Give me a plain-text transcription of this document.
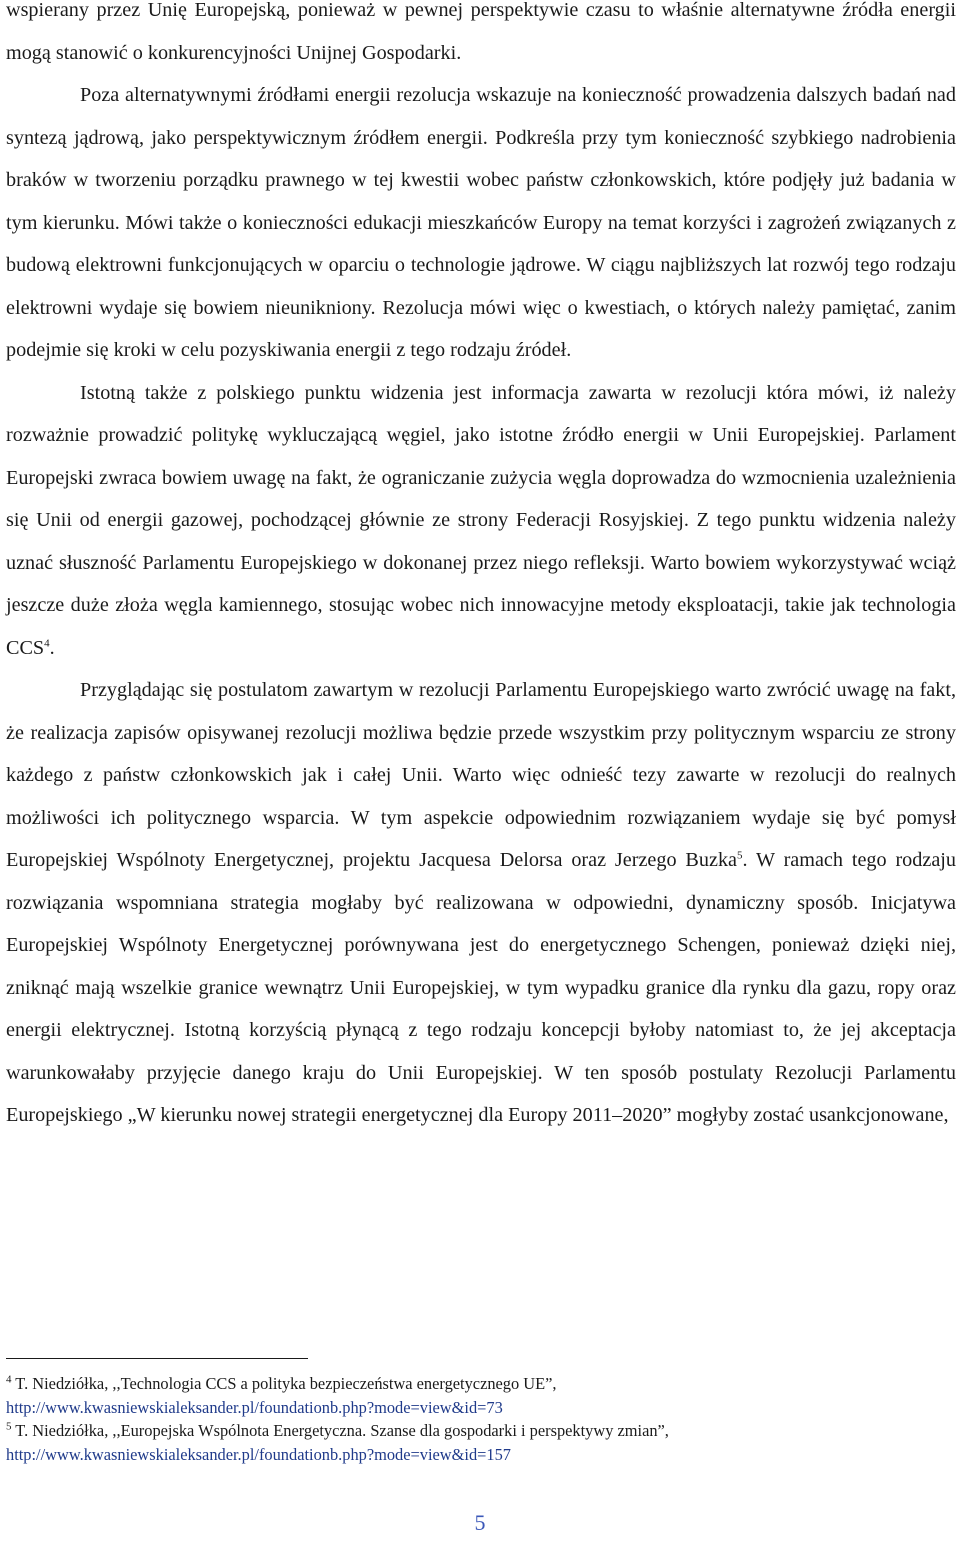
wspierany przez Unię Europejską, ponieważ w pewnej perspektywie czasu to właśnie alternatywne źródła energii mogą stanowić o konkurencyjności Unijnej Gospodarki.

Poza alternatywnymi źródłami energii rezolucja wskazuje na konieczność prowadzenia dalszych badań nad syntezą jądrową, jako perspektywicznym źródłem energii. Podkreśla przy tym konieczność szybkiego nadrobienia braków w tworzeniu porządku prawnego w tej kwestii wobec państw członkowskich, które podjęły już badania w tym kierunku. Mówi także o konieczności edukacji mieszkańców Europy na temat korzyści i zagrożeń związanych z budową elektrowni funkcjonujących w oparciu o technologie jądrowe. W ciągu najbliższych lat rozwój tego rodzaju elektrowni wydaje się bowiem nieunikniony. Rezolucja mówi więc o kwestiach, o których należy pamiętać, zanim podejmie się kroki w celu pozyskiwania energii z tego rodzaju źródeł.

Istotną także z polskiego punktu widzenia jest informacja zawarta w rezolucji która mówi, iż należy rozważnie prowadzić politykę wykluczającą węgiel, jako istotne źródło energii w Unii Europejskiej. Parlament Europejski zwraca bowiem uwagę na fakt, że ograniczanie zużycia węgla doprowadza do wzmocnienia uzależnienia się Unii od energii gazowej, pochodzącej głównie ze strony Federacji Rosyjskiej. Z tego punktu widzenia należy uznać słuszność Parlamentu Europejskiego w dokonanej przez niego refleksji. Warto bowiem wykorzystywać wciąż jeszcze duże złoża węgla kamiennego, stosując wobec nich innowacyjne metody eksploatacji, takie jak technologia CCS$^4$.

Przyglądając się postulatom zawartym w rezolucji Parlamentu Europejskiego warto zwrócić uwagę na fakt, że realizacja zapisów opisywanej rezolucji możliwa będzie przede wszystkim przy politycznym wsparciu ze strony każdego z państw członkowskich jak i całej Unii. Warto więc odnieść tezy zawarte w rezolucji do realnych możliwości ich politycznego wsparcia. W tym aspekcie odpowiednim rozwiązaniem wydaje się być pomysł Europejskiej Wspólnoty Energetycznej, projektu Jacquesa Delorsa oraz Jerzego Buzka$^5$. W ramach tego rodzaju rozwiązania wspomniana strategia mogłaby być realizowana w odpowiedni, dynamiczny sposób. Inicjatywa Europejskiej Wspólnoty Energetycznej porównywana jest do energetycznego Schengen, ponieważ dzięki niej, zniknąć mają wszelkie granice wewnątrz Unii Europejskiej, w tym wypadku granice dla rynku dla gazu, ropy oraz energii elektrycznej. Istotną korzyścią płynącą z tego rodzaju koncepcji byłoby natomiast to, że jej akceptacja warunkowałaby przyjęcie danego kraju do Unii Europejskiej. W ten sposób postulaty Rezolucji Parlamentu Europejskiego „W kierunku nowej strategii energetycznej dla Europy 2011–2020” mogłyby zostać usankcjonowane,

$^4$ T. Niedziółka, ,,Technologia CCS a polityka bezpieczeństwa energetycznego UE”,
http://www.kwasniewskialeksander.pl/foundationb.php?mode=view&id=73
$^5$ T. Niedziółka, ,,Europejska Wspólnota Energetyczna. Szanse dla gospodarki i perspektywy zmian”,
http://www.kwasniewskialeksander.pl/foundationb.php?mode=view&id=157
5
